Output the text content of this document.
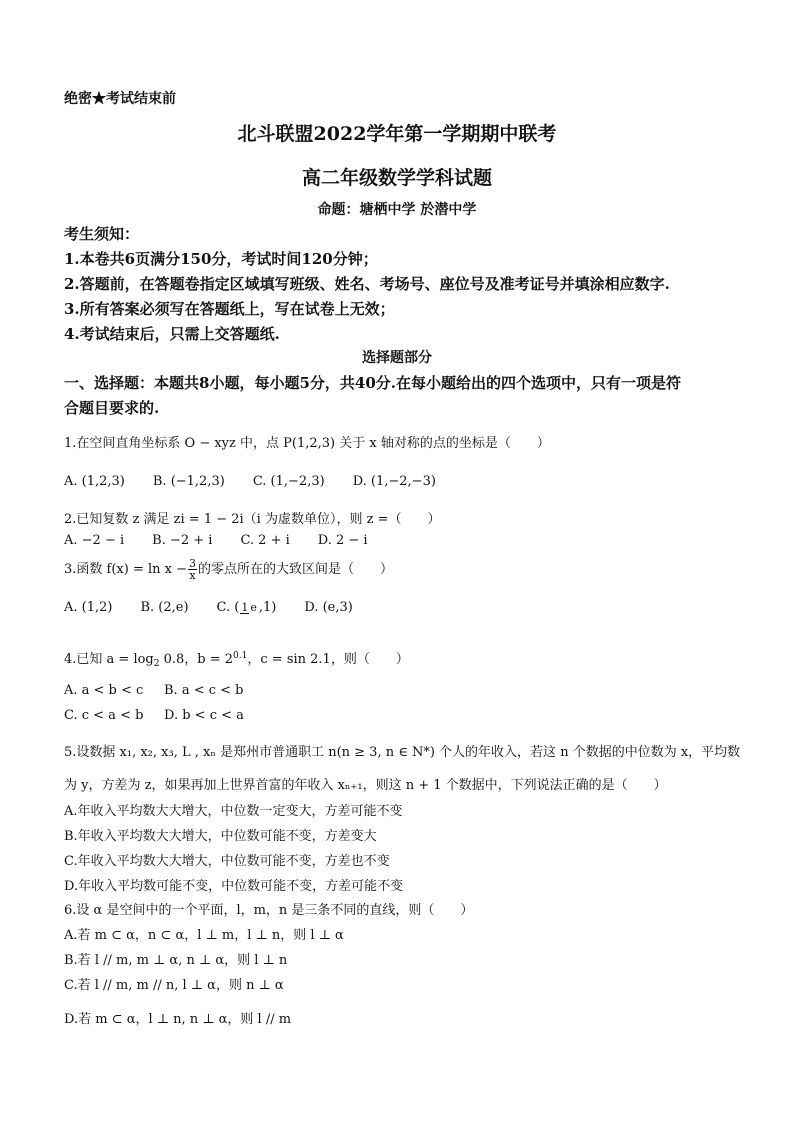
绝密★考试结束前
北斗联盟2022学年第一学期期中联考
高二年级数学学科试题
命题：塘栖中学 於潜中学
考生须知：
1.本卷共6页满分150分，考试时间120分钟；
2.答题前，在答题卷指定区域填写班级、姓名、考场号、座位号及准考证号并填涂相应数字.
3.所有答案必须写在答题纸上，写在试卷上无效；
4.考试结束后，只需上交答题纸.
选择题部分
一、选择题：本题共8小题，每小题5分，共40分.在每小题给出的四个选项中，只有一项是符
合题目要求的.
1.在空间直角坐标系 O − xyz 中，点 P(1,2,3) 关于 x 轴对称的点的坐标是（　　）
A. (1,2,3) B. (−1,2,3) C. (1,−2,3) D. (1,−2,−3)
2.已知复数 z 满足 zi = 1 − 2i（i 为虚数单位），则 z =（　　）
A. −2 − i B. −2 + i C. 2 + i D. 2 − i
3.函数 $f(x) = \ln x - \frac{3}{x}$ 的零点所在的大致区间是（　　）
A. (1,2) B. (2,e) C. ( 1 e ,1) D. (e,3)
4.已知 $a = \log_2 0.8$，$b = 2^{0.1}$，c = sin 2.1，则（　　）
A. a < b < c B. a < c < b
C. c < a < b D. b < c < a
5.设数据 x₁, x₂, x₃, L , xₙ 是郑州市普通职工 n(n ≥ 3, n ∈ N*) 个人的年收入，若这 n 个数据的中位数为 x，平均数
为 y，方差为 z，如果再加上世界首富的年收入 xₙ₊₁，则这 n + 1 个数据中，下列说法正确的是（　　）
A.年收入平均数大大增大，中位数一定变大，方差可能不变
B.年收入平均数大大增大，中位数可能不变，方差变大
C.年收入平均数大大增大，中位数可能不变，方差也不变
D.年收入平均数可能不变，中位数可能不变，方差可能不变
6.设 α 是空间中的一个平面，l，m，n 是三条不同的直线，则（　　）
A.若 m ⊂ α，n ⊂ α，l ⊥ m，l ⊥ n，则 l ⊥ α
B.若 l // m, m ⊥ α, n ⊥ α，则 l ⊥ n
C.若 l // m, m // n, l ⊥ α，则 n ⊥ α
D.若 m ⊂ α，l ⊥ n, n ⊥ α，则 l // m
